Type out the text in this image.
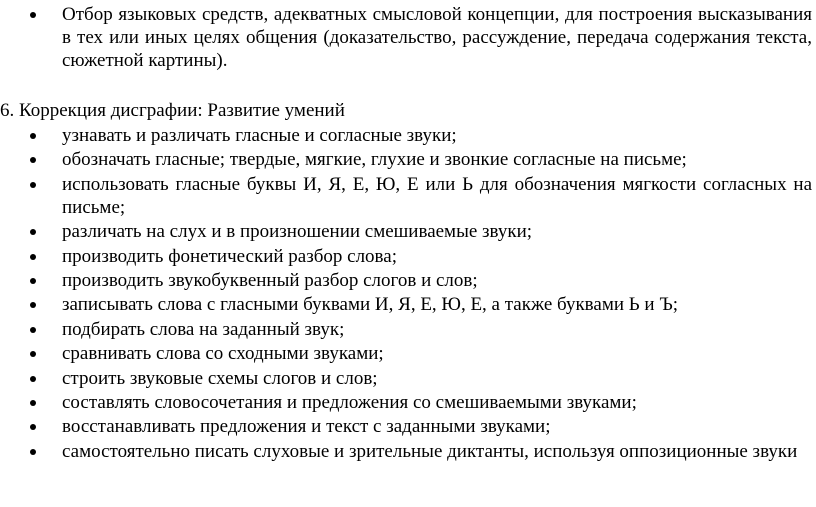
Отбор языковых средств, адекватных смысловой концепции, для построения высказывания в тех или иных целях общения (доказательство, рассуждение, передача содержания текста, сюжетной картины).
6. Коррекция дисграфии: Развитие умений
узнавать и различать гласные и согласные звуки;
обозначать гласные; твердые, мягкие, глухие и звонкие согласные на письме;
использовать гласные буквы И, Я, Е, Ю, Е или Ь для обозначения мягкости согласных на письме;
различать на слух и в произношении смешиваемые звуки;
производить фонетический разбор слова;
производить звукобуквенный разбор слогов и слов;
записывать слова с гласными буквами И, Я, Е, Ю, Е, а также буквами Ь и Ъ;
подбирать слова на заданный звук;
сравнивать слова со сходными звуками;
строить звуковые схемы слогов и слов;
составлять словосочетания и предложения со смешиваемыми звуками;
восстанавливать предложения и текст с заданными звуками;
самостоятельно писать слуховые и зрительные диктанты, используя оппозиционные звуки
